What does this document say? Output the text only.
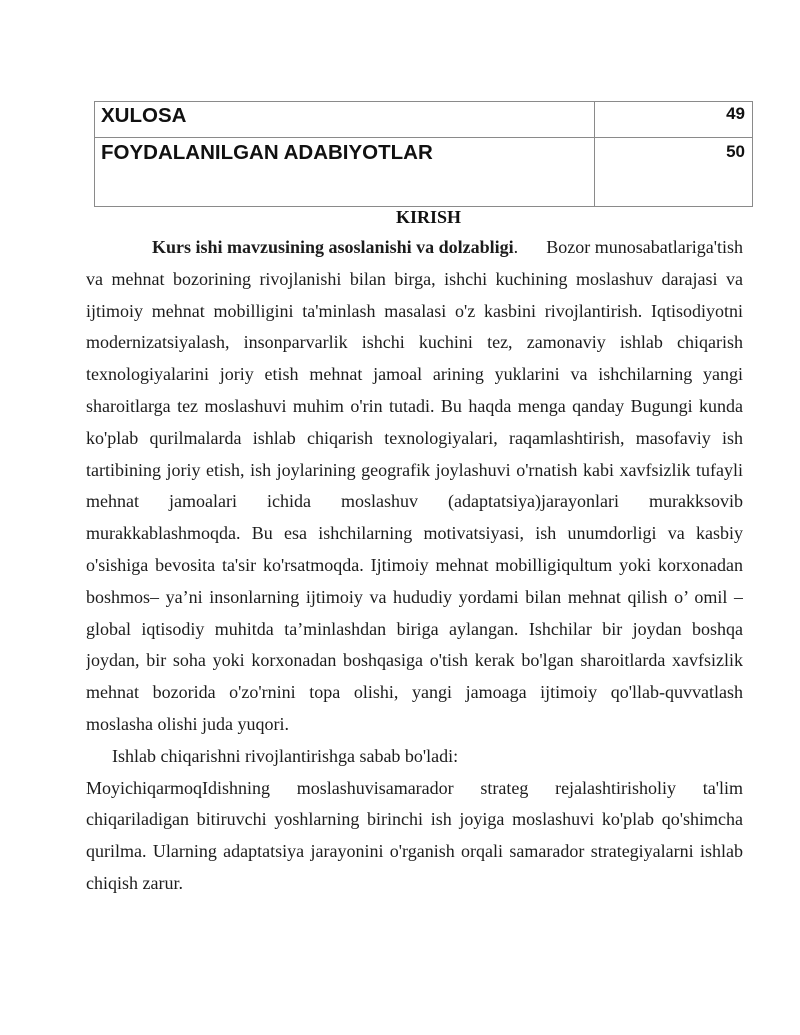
XULOSA	49
FOYDALANILGAN ADABIYOTLAR	50
KIRISH
Kurs ishi mavzusining asoslanishi va dolzabligi. Bozor munosabatlariga'tish
va mehnat bozorining rivojlanishi bilan birga, ishchi kuchining moslashuv darajasi va
ijtimoiy mehnat mobilligini ta'minlash masalasi o'z kasbini rivojlantirish. Iqtisodiyotni
modernizatsiyalash, insonparvarlik ishchi kuchini tez, zamonaviy ishlab chiqarish
texnologiyalarini joriy etish mehnat jamoal arining yuklarini va ishchilarning yangi
sharoitlarga tez moslashuvi muhim o'rin tutadi. Bu haqda menga qanday Bugungi kunda
ko'plab qurilmalarda ishlab chiqarish texnologiyalari, raqamlashtirish, masofaviy ish
tartibining joriy etish, ish joylarining geografik joylashuvi o'rnatish kabi xavfsizlik tufayli
mehnat jamoalari ichida moslashuv (adaptatsiya)jarayonlari murakksovib
murakkablashmoqda. Bu esa ishchilarning motivatsiyasi, ish unumdorligi va kasbiy
o'sishiga bevosita ta'sir ko'rsatmoqda. Ijtimoiy mehnat mobilligiqultum yoki korxonadan
boshmos– ya’ni insonlarning ijtimoiy va hududiy yordami bilan mehnat qilish o’ omil –
global iqtisodiy muhitda ta’minlashdan biriga aylangan. Ishchilar bir joydan boshqa
joydan, bir soha yoki korxonadan boshqasiga o'tish kerak bo'lgan sharoitlarda xavfsizlik
mehnat bozorida o'zo'rnini topa olishi, yangi jamoaga ijtimoiy qo'llab-quvvatlash
moslasha olishi juda yuqori.
Ishlab chiqarishni rivojlantirishga sabab bo'ladi:
MoyichiqarmoqIdishning moslashuvisamarador strateg rejalashtirisholiy ta'lim
chiqariladigan bitiruvchi yoshlarning birinchi ish joyiga moslashuvi ko'plab qo'shimcha
qurilma. Ularning adaptatsiya jarayonini o'rganish orqali samarador strategiyalarni ishlab
chiqish zarur.
